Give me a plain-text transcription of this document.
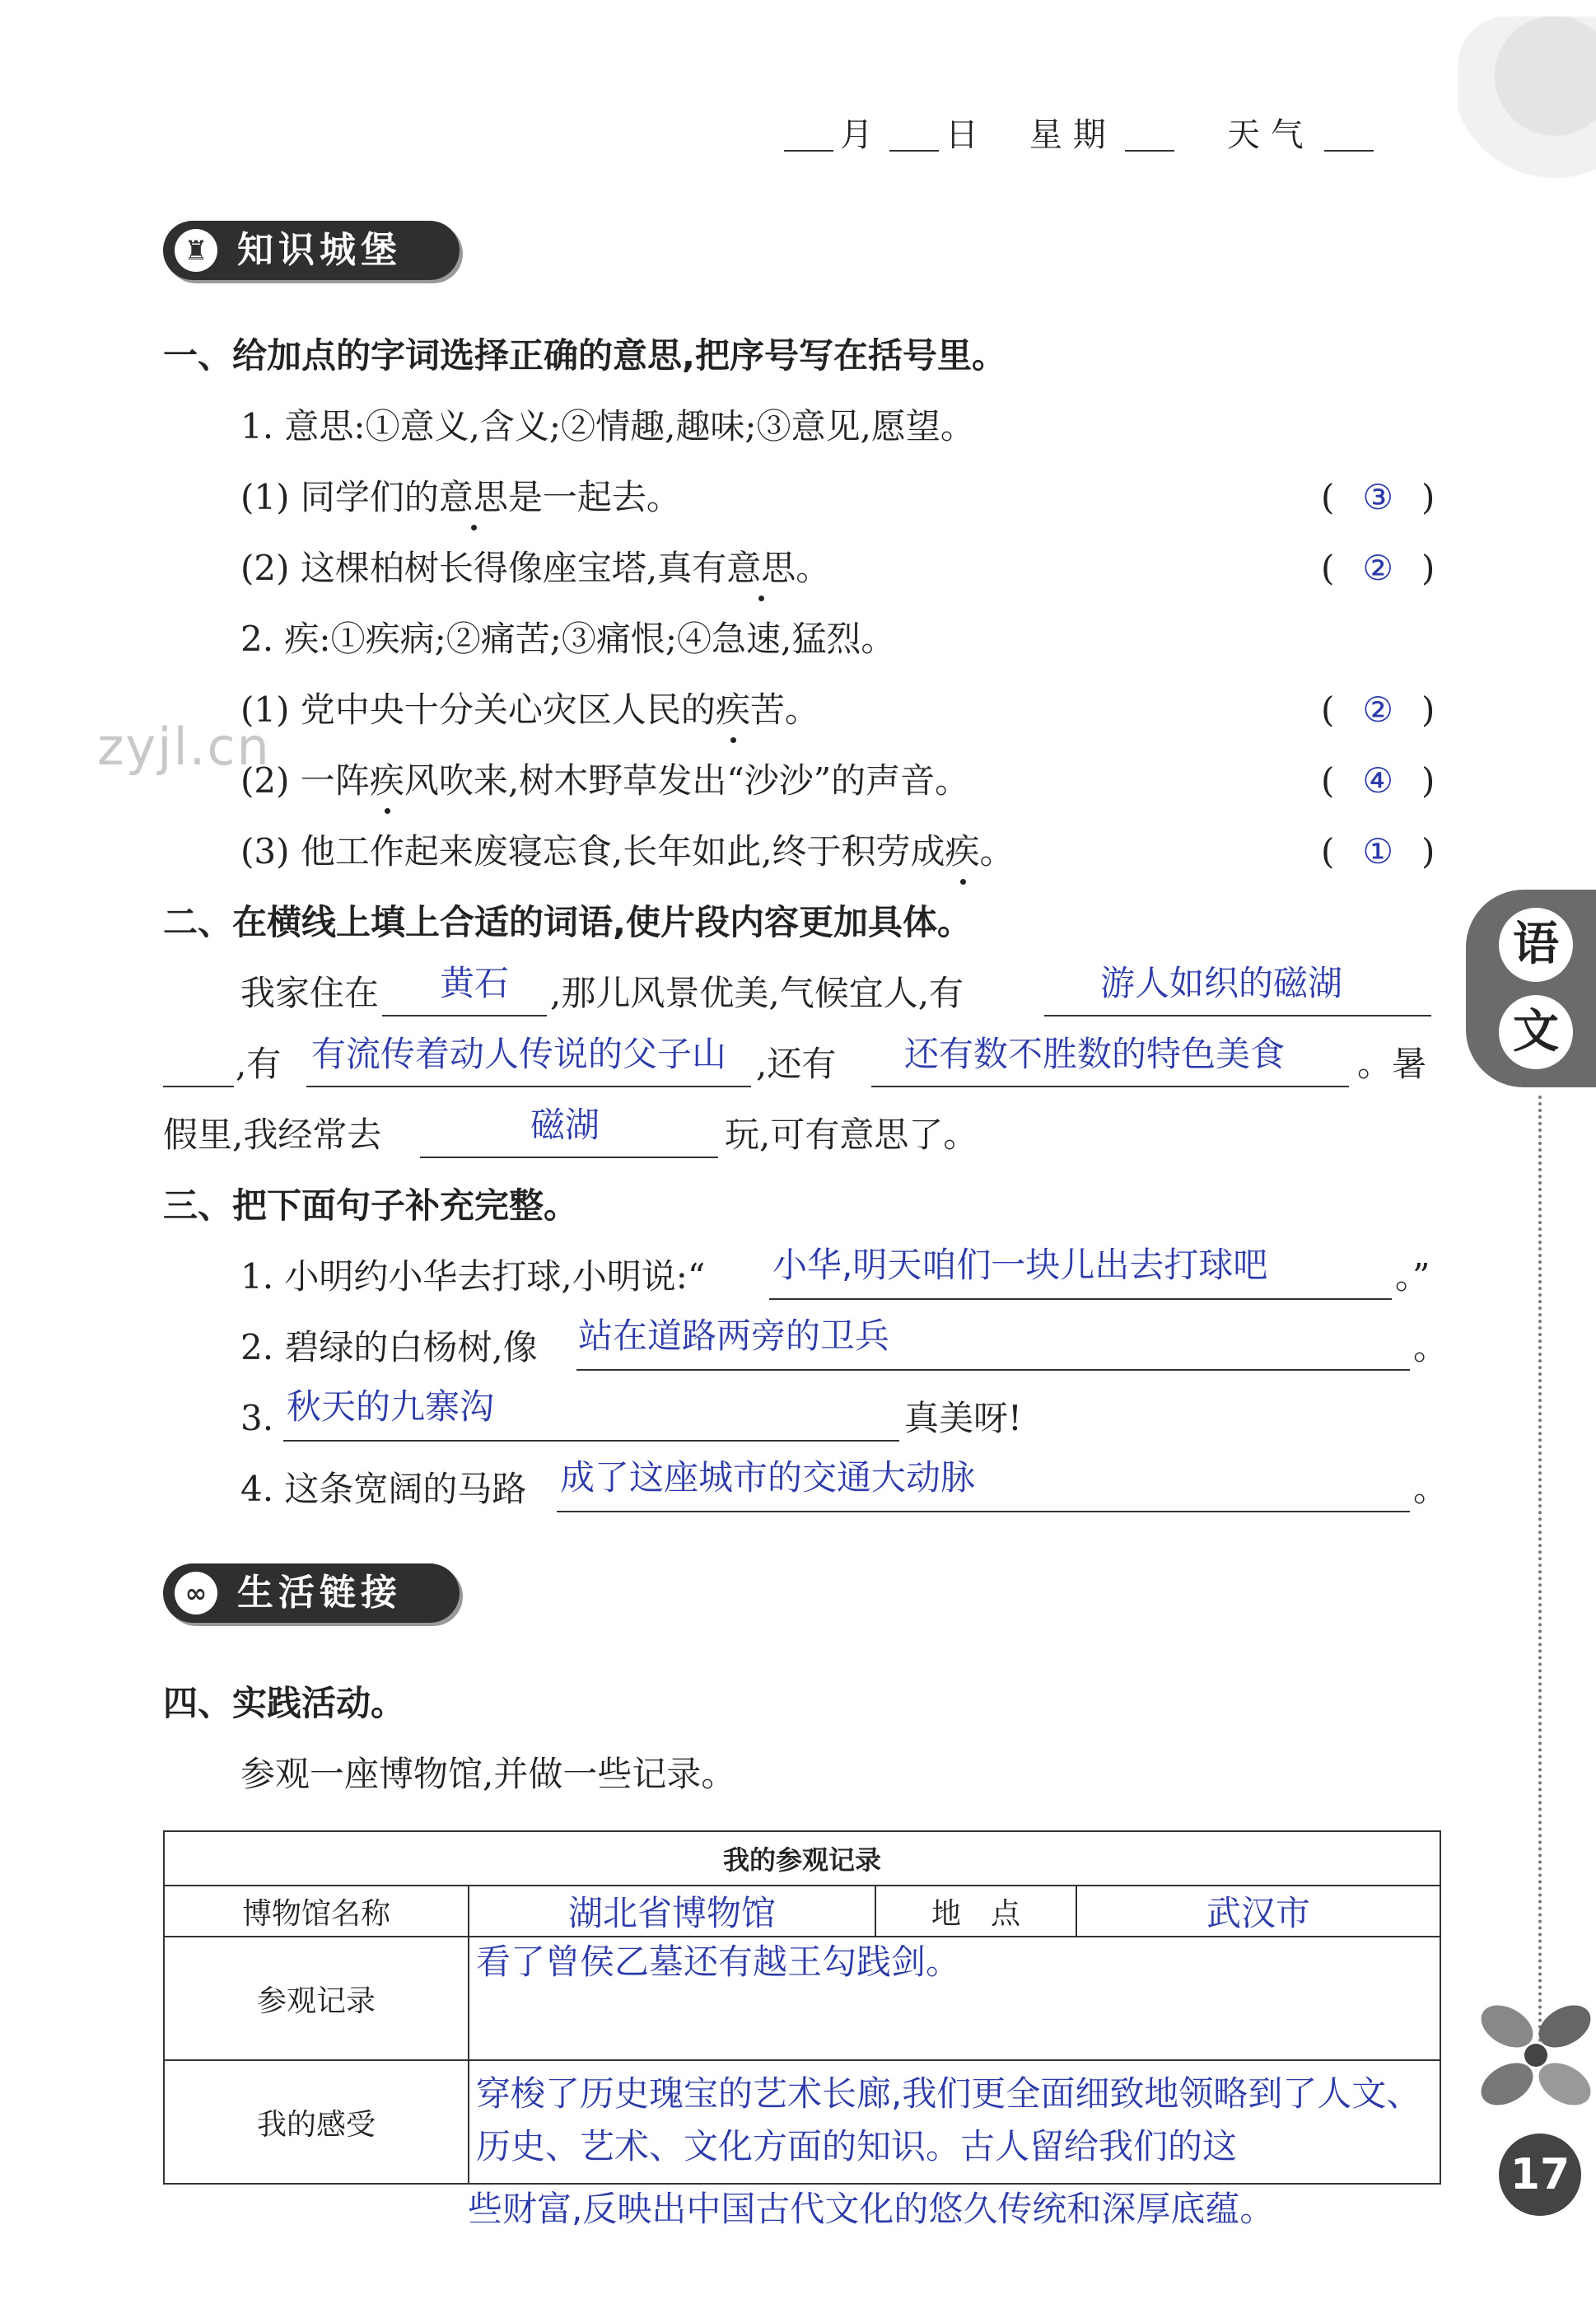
zyjl.cn
月 日 星 期	天 气
♜ 知识城堡
一、给加点的字词选择正确的意思,把序号写在括号里。
1. 意思:①意义,含义;②情趣,趣味;③意见,愿望。
(1) 同学们的意思是一起去。	( ③ )
(2) 这棵柏树长得像座宝塔,真有意思。	( ② )
2. 疾:①疾病;②痛苦;③痛恨;④急速,猛烈。
(1) 党中央十分关心灾区人民的疾苦。	( ② )
(2) 一阵疾风吹来,树木野草发出“沙沙”的声音。	( ④ )
(3) 他工作起来废寝忘食,长年如此,终于积劳成疾。	( ① )
二、在横线上填上合适的词语,使片段内容更加具体。
我家住在 黄石 ,那儿风景优美,气候宜人,有	游人如织的磁湖
,有 有流传着动人传说的父子山 ,还有 还有数不胜数的特色美食 。暑
假里,我经常去	磁湖	玩,可有意思了。
三、把下面句子补充完整。
1. 小明约小华去打球,小明说:“ 小华,明天咱们一块儿出去打球吧	。”
2. 碧绿的白杨树,像 站在道路两旁的卫兵	。
3. 秋天的九寨沟	真美呀!
4. 这条宽阔的马路 成了这座城市的交通大动脉	。
∞ 生活链接
四、实践活动。
参观一座博物馆,并做一些记录。
我的参观记录			
博物馆名称	湖北省博物馆	地　点	武汉市
参观记录	看了曾侯乙墓还有越王勾践剑。		
我的感受	穿梭了历史瑰宝的艺术长廊,我们更全面细致地领略到了人文、历史、艺术、文化方面的知识。古人留给我们的这		
些财富,反映出中国古代文化的悠久传统和深厚底蕴。
语
文
17
